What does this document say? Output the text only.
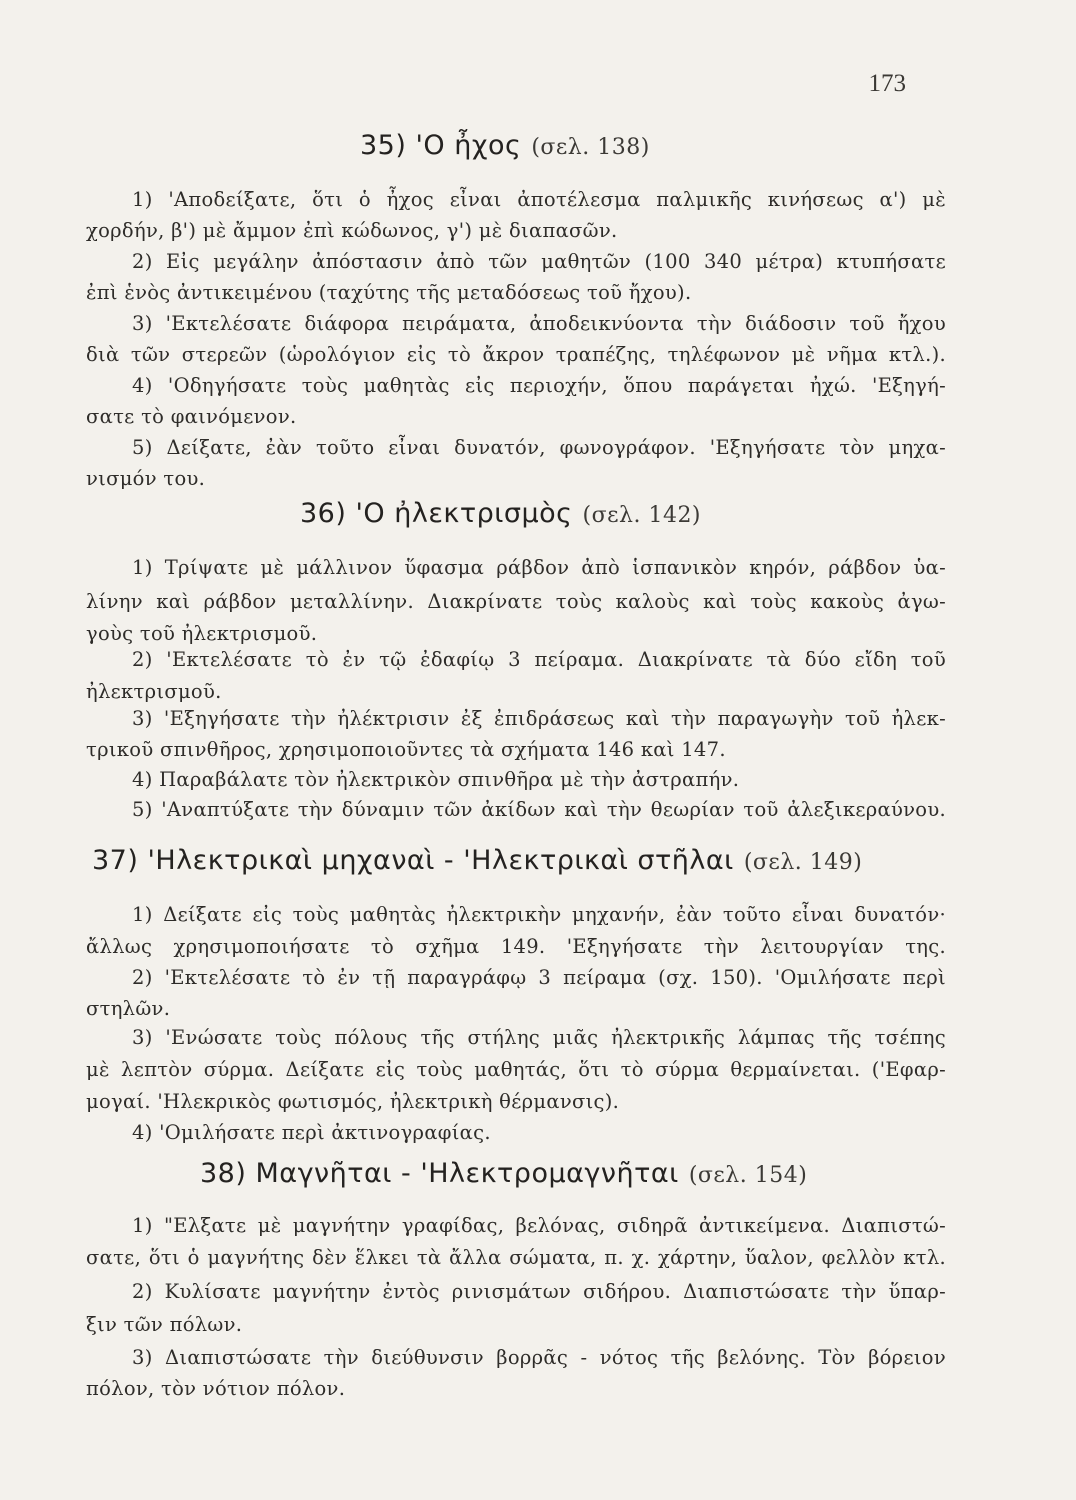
173
35) 'Ο ἦχος (σελ. 138)
1) 'Αποδείξατε, ὅτι ὁ ἦχος εἶναι ἀποτέλεσμα παλμικῆς κινήσεως α') μὲ
χορδήν, β') μὲ ἄμμον ἐπὶ κώδωνος, γ') μὲ διαπασῶν.
2) Εἰς μεγάλην ἀπόστασιν ἀπὸ τῶν μαθητῶν (100 340 μέτρα) κτυπήσατε
ἐπὶ ἑνὸς ἀντικειμένου (ταχύτης τῆς μεταδόσεως τοῦ ἤχου).
3) 'Εκτελέσατε διάφορα πειράματα, ἀποδεικνύοντα τὴν διάδοσιν τοῦ ἤχου
διὰ τῶν στερεῶν (ὡρολόγιον εἰς τὸ ἄκρον τραπέζης, τηλέφωνον μὲ νῆμα κτλ.).
4) 'Οδηγήσατε τοὺς μαθητὰς εἰς περιοχήν, ὅπου παράγεται ἠχώ. 'Εξηγή-
σατε τὸ φαινόμενον.
5) Δείξατε, ἐὰν τοῦτο εἶναι δυνατόν, φωνογράφον. 'Εξηγήσατε τὸν μηχα-
νισμόν του.
36) 'Ο ἠλεκτρισμὸς (σελ. 142)
1) Τρίψατε μὲ μάλλινον ὕφασμα ράβδον ἀπὸ ἱσπανικὸν κηρόν, ράβδον ὑα-
λίνην καὶ ράβδον μεταλλίνην. Διακρίνατε τοὺς καλοὺς καὶ τοὺς κακοὺς ἀγω-
γοὺς τοῦ ἠλεκτρισμοῦ.
2) 'Εκτελέσατε τὸ ἐν τῷ ἐδαφίῳ 3 πείραμα. Διακρίνατε τὰ δύο εἴδη τοῦ
ἠλεκτρισμοῦ.
3) 'Εξηγήσατε τὴν ἠλέκτρισιν ἐξ ἐπιδράσεως καὶ τὴν παραγωγὴν τοῦ ἠλεκ-
τρικοῦ σπινθῆρος, χρησιμοποιοῦντες τὰ σχήματα 146 καὶ 147.
4) Παραβάλατε τὸν ἠλεκτρικὸν σπινθῆρα μὲ τὴν ἀστραπήν.
5) 'Αναπτύξατε τὴν δύναμιν τῶν ἀκίδων καὶ τὴν θεωρίαν τοῦ ἀλεξικεραύνου.
37) 'Ηλεκτρικαὶ μηχαναὶ - 'Ηλεκτρικαὶ στῆλαι (σελ. 149)
1) Δείξατε εἰς τοὺς μαθητὰς ἠλεκτρικὴν μηχανήν, ἐὰν τοῦτο εἶναι δυνατόν·
ἄλλως χρησιμοποιήσατε τὸ σχῆμα 149. 'Εξηγήσατε τὴν λειτουργίαν της.
2) 'Εκτελέσατε τὸ ἐν τῇ παραγράφῳ 3 πείραμα (σχ. 150). 'Ομιλήσατε περὶ
στηλῶν.
3) 'Ενώσατε τοὺς πόλους τῆς στήλης μιᾶς ἠλεκτρικῆς λάμπας τῆς τσέπης
μὲ λεπτὸν σύρμα. Δείξατε εἰς τοὺς μαθητάς, ὅτι τὸ σύρμα θερμαίνεται. ('Εφαρ-
μογαί. 'Ηλεκρικὸς φωτισμός, ἠλεκτρικὴ θέρμανσις).
4) 'Ομιλήσατε περὶ ἀκτινογραφίας.
38) Μαγνῆται - 'Ηλεκτρομαγνῆται (σελ. 154)
1) "Ελξατε μὲ μαγνήτην γραφίδας, βελόνας, σιδηρᾶ ἀντικείμενα. Διαπιστώ-
σατε, ὅτι ὁ μαγνήτης δὲν ἕλκει τὰ ἄλλα σώματα, π. χ. χάρτην, ὕαλον, φελλὸν κτλ.
2) Κυλίσατε μαγνήτην ἐντὸς ρινισμάτων σιδήρου. Διαπιστώσατε τὴν ὕπαρ-
ξιν τῶν πόλων.
3) Διαπιστώσατε τὴν διεύθυνσιν βορρᾶς - νότος τῆς βελόνης. Τὸν βόρειον
πόλον, τὸν νότιον πόλον.
